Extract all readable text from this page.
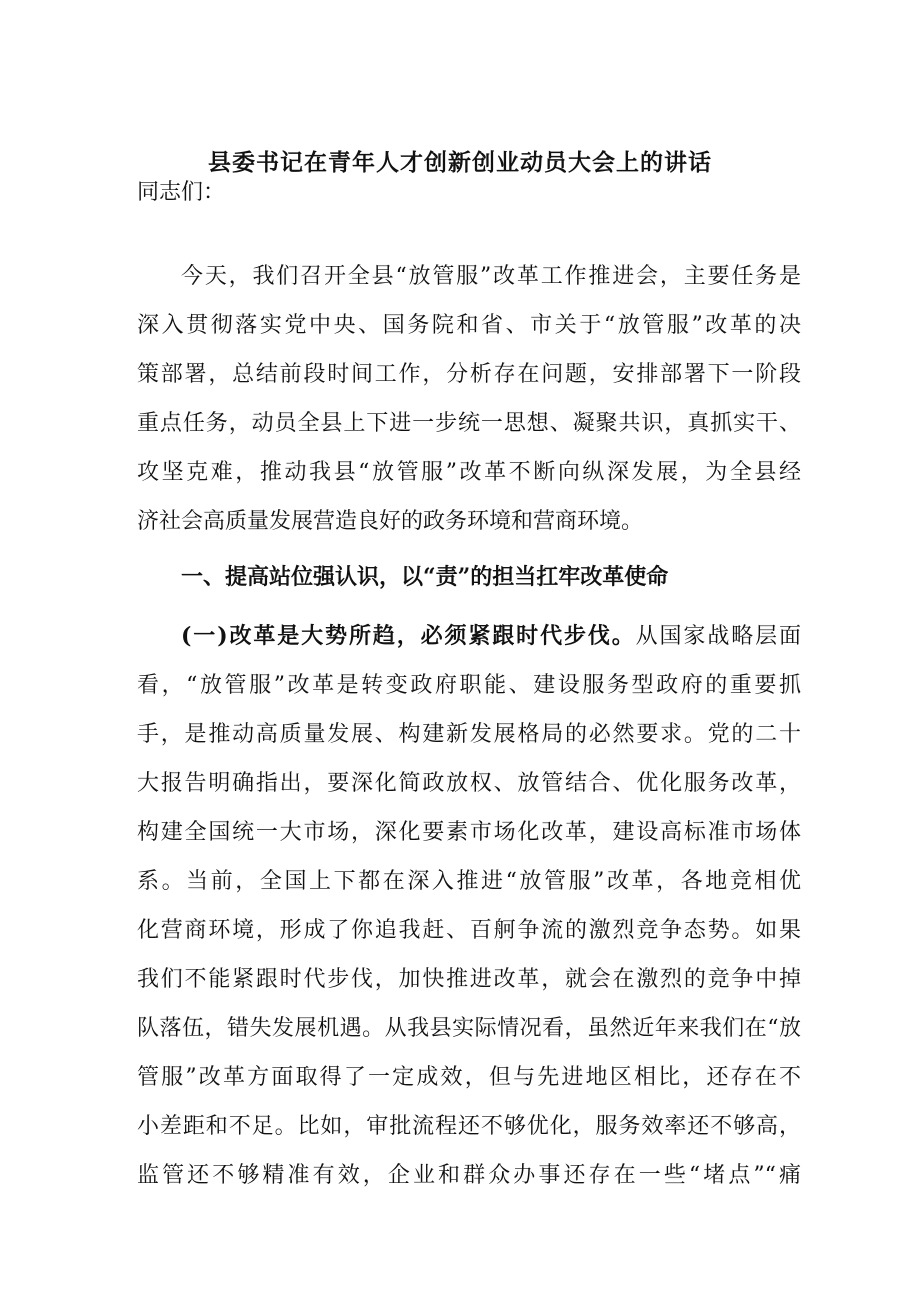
县委书记在青年人才创新创业动员大会上的讲话
同志们：
今天，我们召开全县“放管服”改革工作推进会，主要任务是
深入贯彻落实党中央、国务院和省、市关于“放管服”改革的决
策部署，总结前段时间工作，分析存在问题，安排部署下一阶段
重点任务，动员全县上下进一步统一思想、凝聚共识，真抓实干、
攻坚克难，推动我县“放管服”改革不断向纵深发展，为全县经
济社会高质量发展营造良好的政务环境和营商环境。
一、提高站位强认识，以“责”的担当扛牢改革使命
(一)改革是大势所趋，必须紧跟时代步伐。从国家战略层面
看，“放管服”改革是转变政府职能、建设服务型政府的重要抓
手，是推动高质量发展、构建新发展格局的必然要求。党的二十
大报告明确指出，要深化简政放权、放管结合、优化服务改革，
构建全国统一大市场，深化要素市场化改革，建设高标准市场体
系。当前，全国上下都在深入推进“放管服”改革，各地竞相优
化营商环境，形成了你追我赶、百舸争流的激烈竞争态势。如果
我们不能紧跟时代步伐，加快推进改革，就会在激烈的竞争中掉
队落伍，错失发展机遇。从我县实际情况看，虽然近年来我们在“放
管服”改革方面取得了一定成效，但与先进地区相比，还存在不
小差距和不足。比如，审批流程还不够优化，服务效率还不够高，
监管还不够精准有效，企业和群众办事还存在一些“堵点”“痛
